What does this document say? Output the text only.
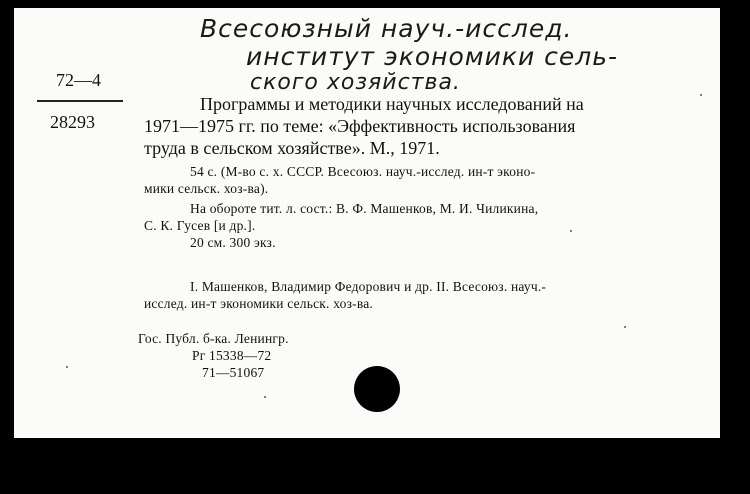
Всесоюзный науч.-исслед.
институт экономики сель-
ского хозяйства.
72—4
28293
Программы и методики научных исследований на
1971—1975 гг. по теме: «Эффективность использования
труда в сельском хозяйстве». М., 1971.
54 с. (М-во с. х. СССР. Всесоюз. науч.-исслед. ин-т эконо-
мики сельск. хоз-ва).
На обороте тит. л. сост.: В. Ф. Машенков, М. И. Чиликина,
С. К. Гусев [и др.].
20 см. 300 экз.
I. Машенков, Владимир Федорович и др. II. Всесоюз. науч.-
исслед. ин-т экономики сельск. хоз-ва.
Гос. Публ. б-ка. Ленингр.
Рг 15338—72
71—51067
